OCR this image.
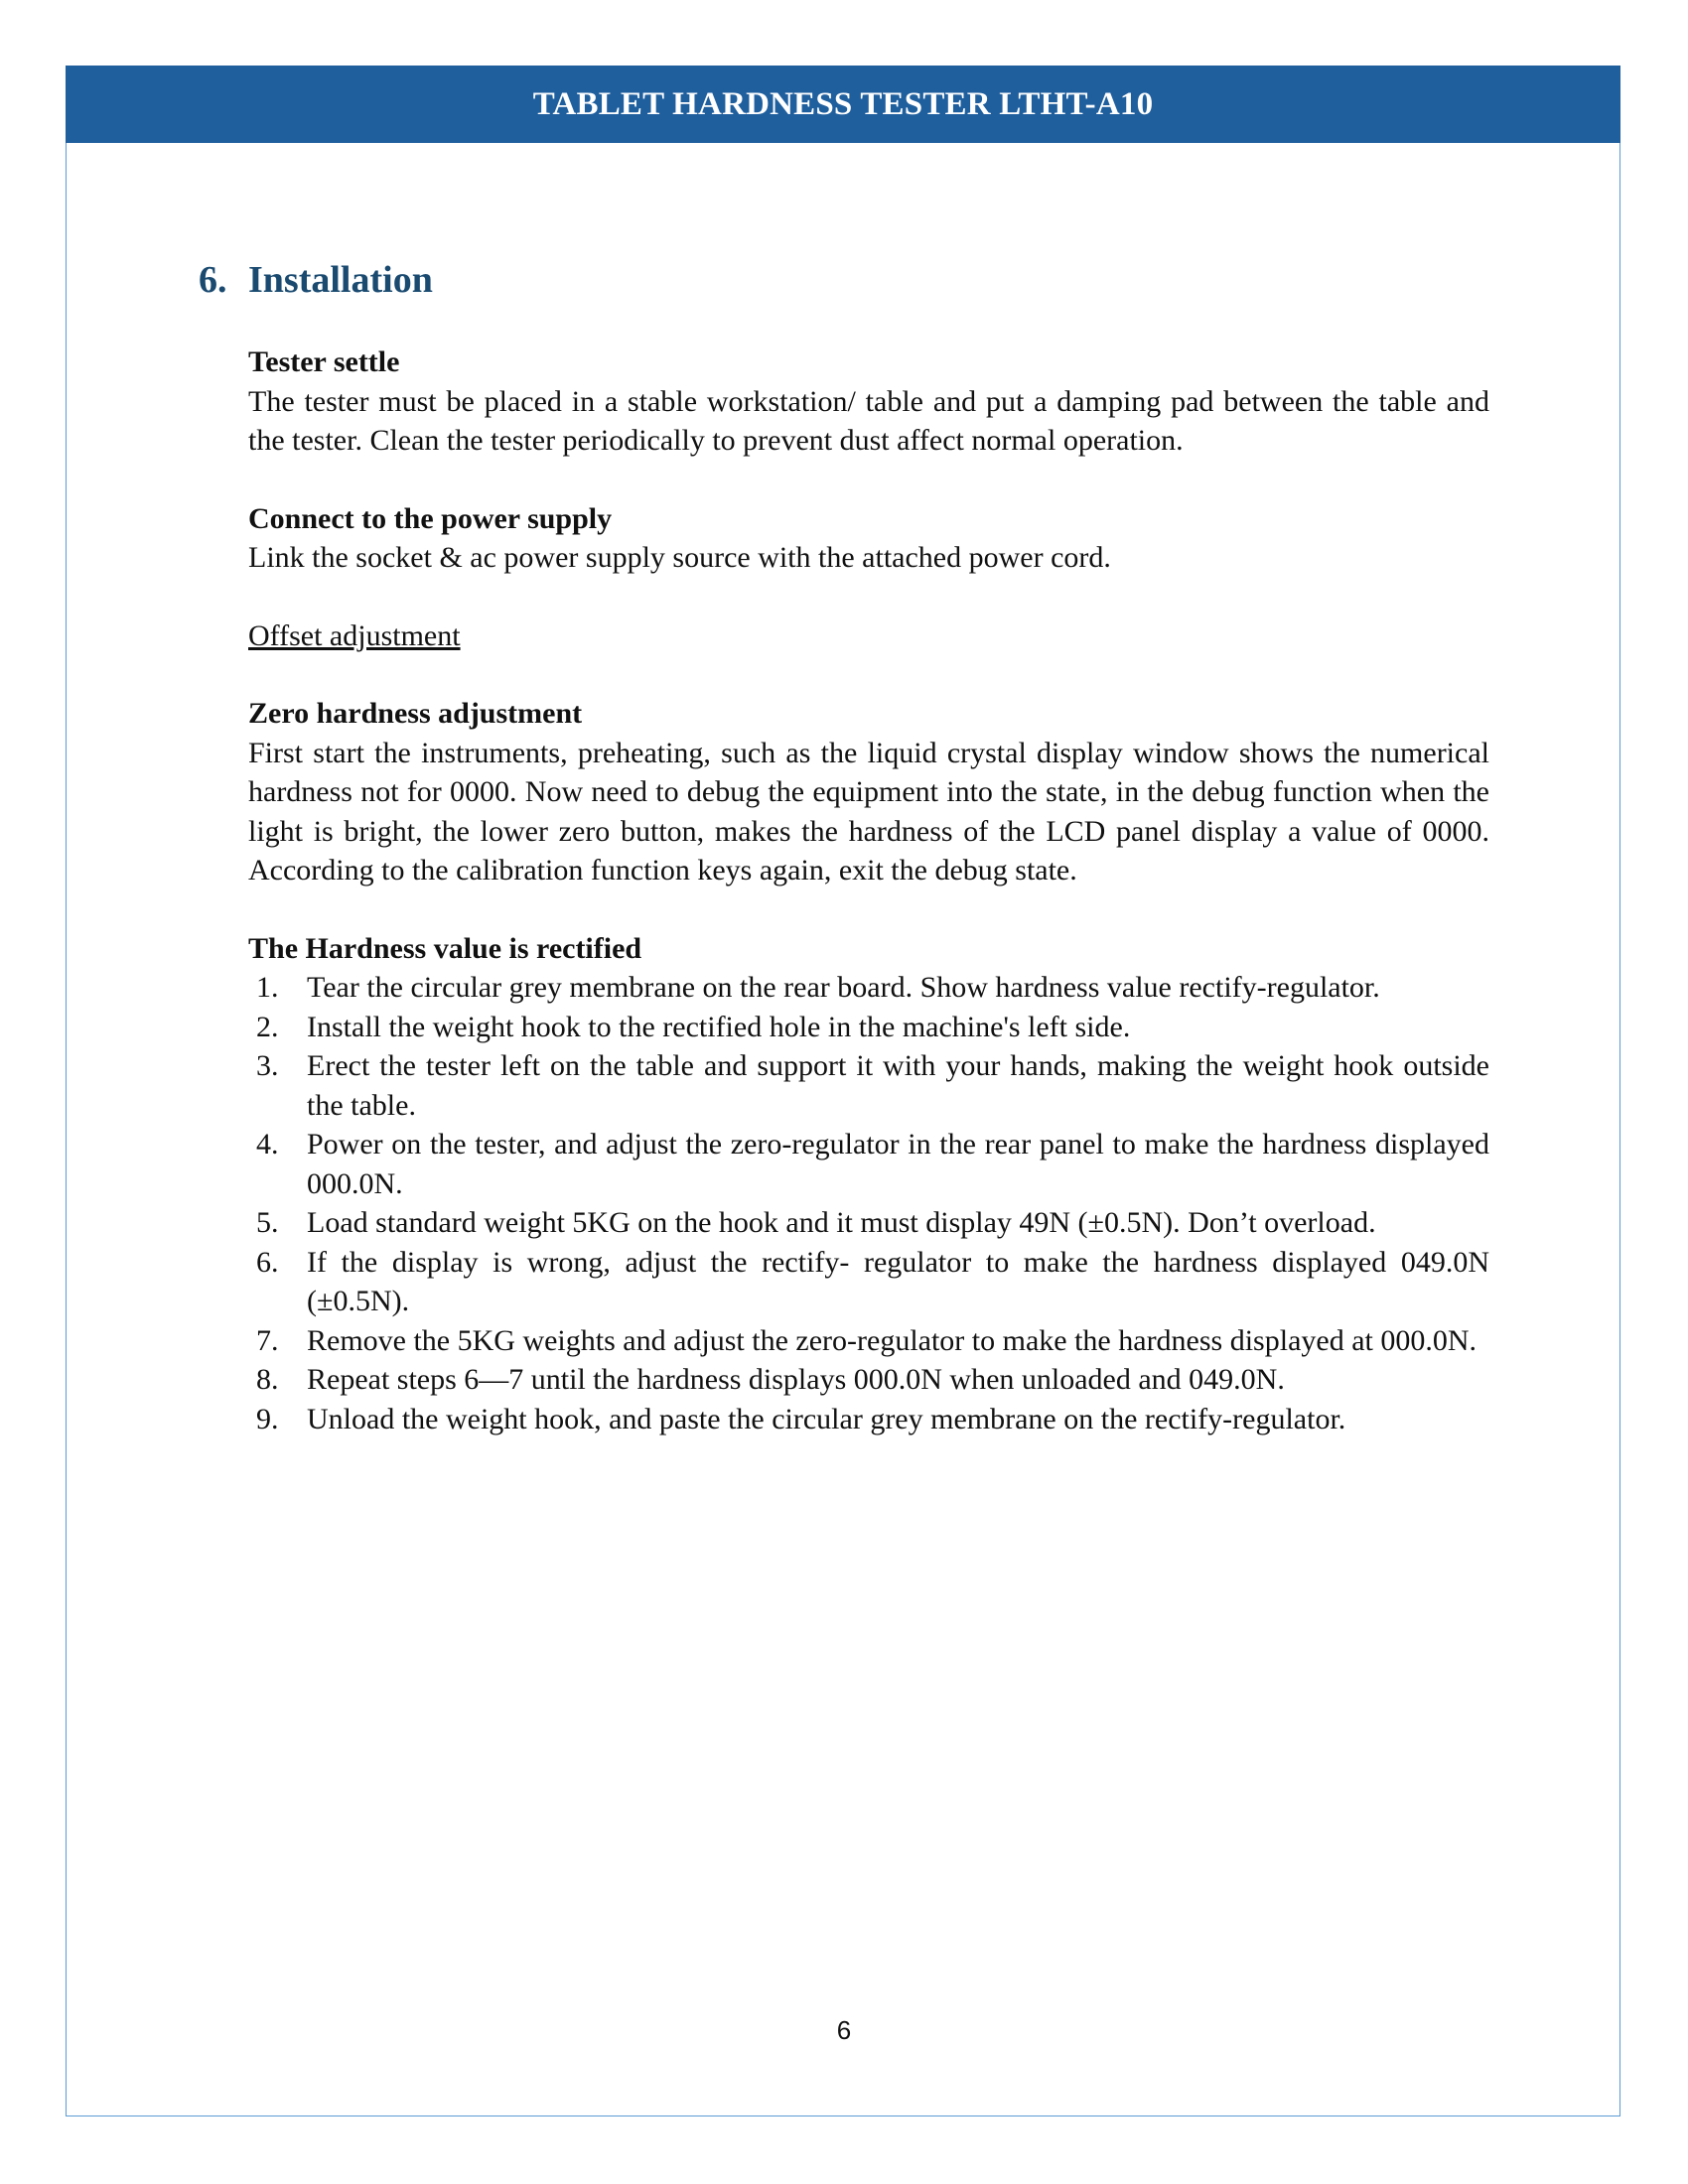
TABLET HARDNESS TESTER LTHT-A10
6. Installation

Tester settle

The tester must be placed in a stable workstation/ table and put a damping pad between the table and the tester. Clean the tester periodically to prevent dust affect normal operation.

Connect to the power supply

Link the socket & ac power supply source with the attached power cord.

Offset adjustment

Zero hardness adjustment

First start the instruments, preheating, such as the liquid crystal display window shows the numerical hardness not for 0000. Now need to debug the equipment into the state, in the debug function when the light is bright, the lower zero button, makes the hardness of the LCD panel display a value of 0000. According to the calibration function keys again, exit the debug state.

The Hardness value is rectified

1. Tear the circular grey membrane on the rear board. Show hardness value rectify-regulator.
2. Install the weight hook to the rectified hole in the machine's left side.
3. Erect the tester left on the table and support it with your hands, making the weight hook outside the table.
4. Power on the tester, and adjust the zero-regulator in the rear panel to make the hardness displayed 000.0N.
5. Load standard weight 5KG on the hook and it must display 49N (±0.5N). Don’t overload.
6. If the display is wrong, adjust the rectify- regulator to make the hardness displayed 049.0N (±0.5N).
7. Remove the 5KG weights and adjust the zero-regulator to make the hardness displayed at 000.0N.
8. Repeat steps 6—7 until the hardness displays 000.0N when unloaded and 049.0N.
9. Unload the weight hook, and paste the circular grey membrane on the rectify-regulator.
6
